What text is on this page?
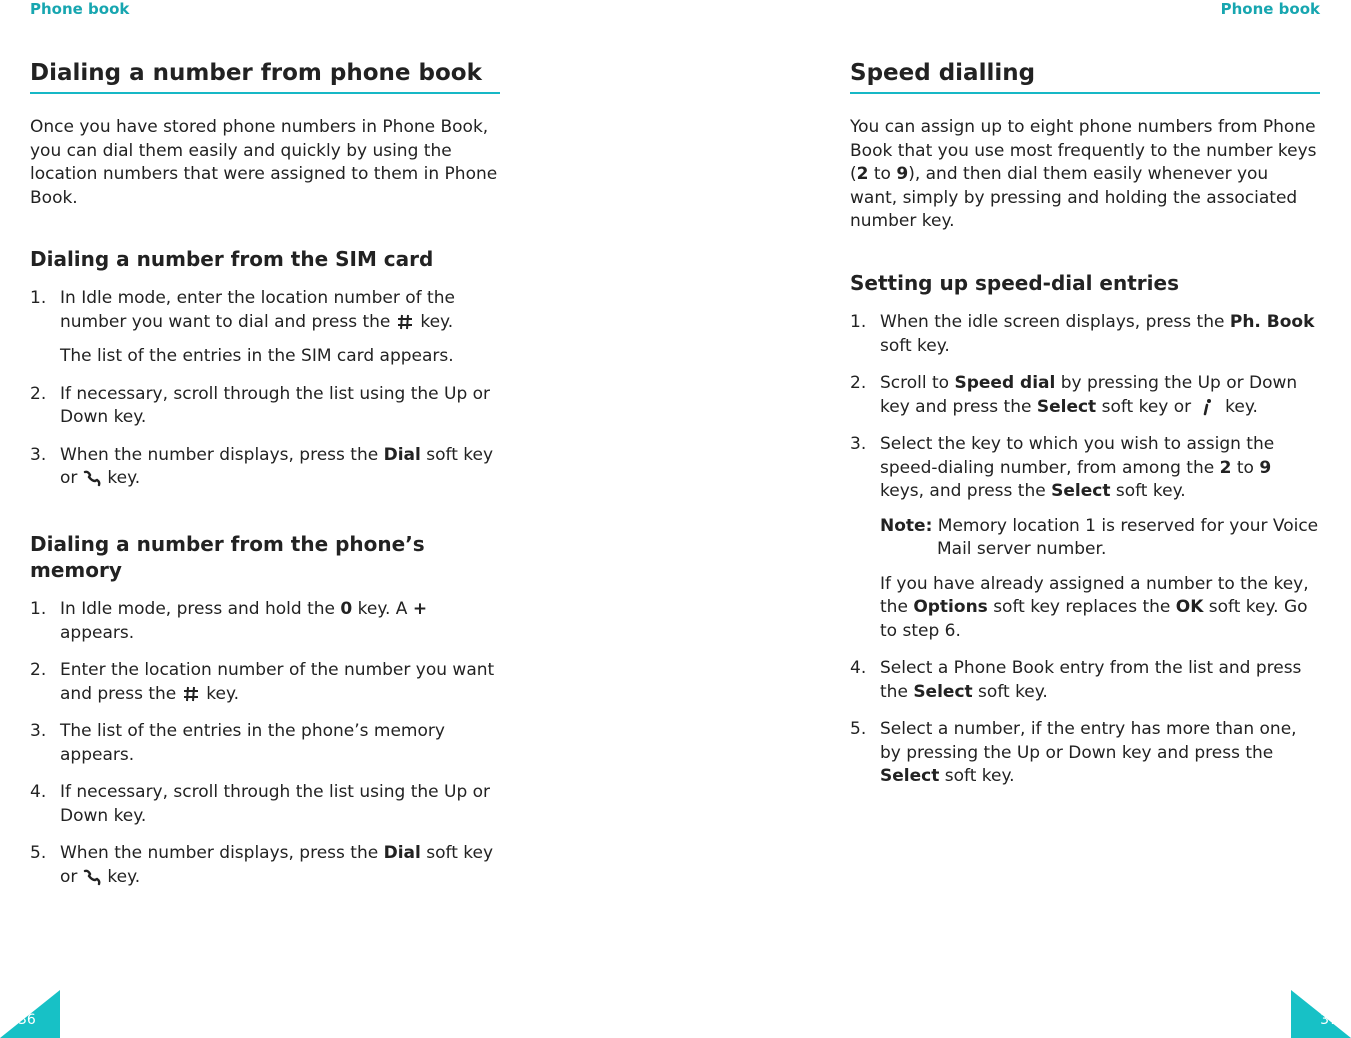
Phone book	Phone book
Dialing a number from phone book

Once you have stored phone numbers in Phone Book, you can dial them easily and quickly by using the location numbers that were assigned to them in Phone Book.

Dialing a number from the SIM card
1. In Idle mode, enter the location number of the number you want to dial and press the key.
The list of the entries in the SIM card appears.
2. If necessary, scroll through the list using the Up or Down key.
3. When the number displays, press the Dial soft key or key.
Dialing a number from the phone’s memory
1. In Idle mode, press and hold the 0 key. A + appears.
2. Enter the location number of the number you want and press the key.
3. The list of the entries in the phone’s memory appears.
4. If necessary, scroll through the list using the Up or Down key.
5. When the number displays, press the Dial soft key or key.
Speed dialling

You can assign up to eight phone numbers from Phone Book that you use most frequently to the number keys (2 to 9), and then dial them easily whenever you want, simply by pressing and holding the associated number key.

Setting up speed-dial entries
1. When the idle screen displays, press the Ph. Book soft key.
2. Scroll to Speed dial by pressing the Up or Down key and press the Select soft key or key.
3. Select the key to which you wish to assign the speed-dialing number, from among the 2 to 9 keys, and press the Select soft key.
Note: Memory location 1 is reserved for your Voice Mail server number.
If you have already assigned a number to the key, the Options soft key replaces the OK soft key. Go to step 6.
4. Select a Phone Book entry from the list and press the Select soft key.
5. Select a number, if the entry has more than one, by pressing the Up or Down key and press the Select soft key.
36	37
